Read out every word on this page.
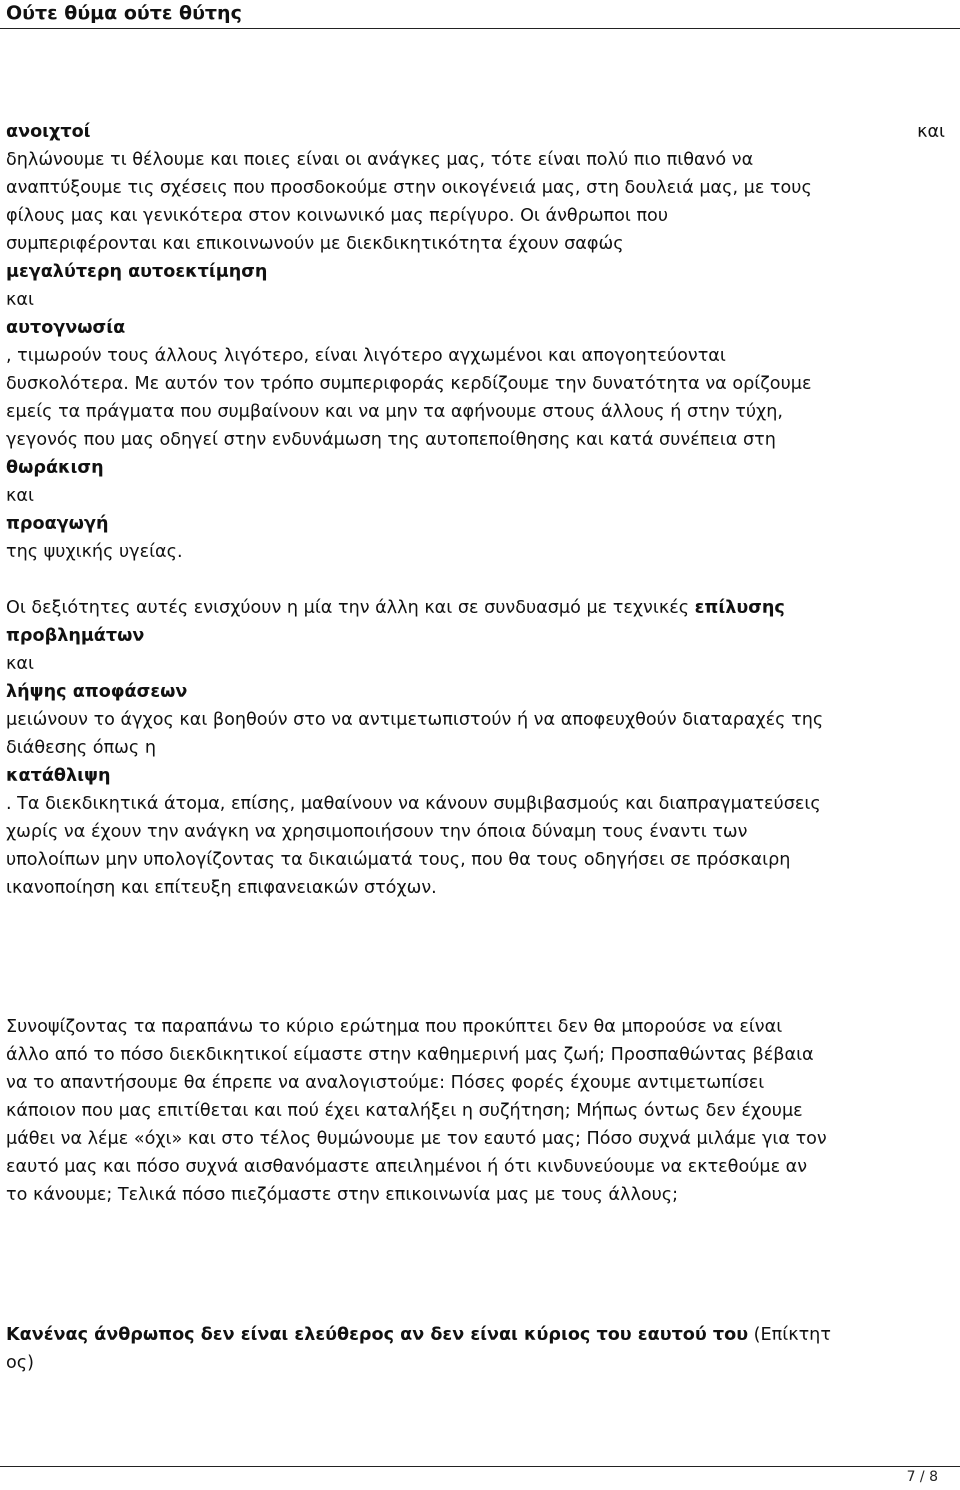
Ούτε θύμα ούτε θύτης
ανοιχτοί	και
δηλώνουμε τι θέλουμε και ποιες είναι οι ανάγκες μας, τότε είναι πολύ πιο πιθανό να
αναπτύξουμε τις σχέσεις που προσδοκούμε στην οικογένειά μας, στη δουλειά μας, με τους
φίλους μας και γενικότερα στον κοινωνικό μας περίγυρο. Οι άνθρωποι που
συμπεριφέρονται και επικοινωνούν με διεκδικητικότητα έχουν σαφώς
μεγαλύτερη αυτοεκτίμηση
και
αυτογνωσία
, τιμωρούν τους άλλους λιγότερο, είναι λιγότερο αγχωμένοι και απογοητεύονται
δυσκολότερα. Με αυτόν τον τρόπο συμπεριφοράς κερδίζουμε την δυνατότητα να ορίζουμε
εμείς τα πράγματα που συμβαίνουν και να μην τα αφήνουμε στους άλλους ή στην τύχη,
γεγονός που μας οδηγεί στην ενδυνάμωση της αυτοπεποίθησης και κατά συνέπεια στη
θωράκιση
και
προαγωγή
της ψυχικής υγείας.
Οι δεξιότητες αυτές ενισχύουν η μία την άλλη και σε συνδυασμό με τεχνικές επίλυσης
προβλημάτων
και
λήψης αποφάσεων
μειώνουν το άγχος και βοηθούν στο να αντιμετωπιστούν ή να αποφευχθούν διαταραχές της
διάθεσης όπως η
κατάθλιψη
. Τα διεκδικητικά άτομα, επίσης, μαθαίνουν να κάνουν συμβιβασμούς και διαπραγματεύσεις
χωρίς να έχουν την ανάγκη να χρησιμοποιήσουν την όποια δύναμη τους έναντι των
υπολοίπων μην υπολογίζοντας τα δικαιώματά τους, που θα τους οδηγήσει σε πρόσκαιρη
ικανοποίηση και επίτευξη επιφανειακών στόχων.
Συνοψίζοντας τα παραπάνω το κύριο ερώτημα που προκύπτει δεν θα μπορούσε να είναι
άλλο από το πόσο διεκδικητικοί είμαστε στην καθημερινή μας ζωή; Προσπαθώντας βέβαια
να το απαντήσουμε θα έπρεπε να αναλογιστούμε: Πόσες φορές έχουμε αντιμετωπίσει
κάποιον που μας επιτίθεται και πού έχει καταλήξει η συζήτηση; Μήπως όντως δεν έχουμε
μάθει να λέμε «όχι» και στο τέλος θυμώνουμε με τον εαυτό μας; Πόσο συχνά μιλάμε για τον
εαυτό μας και πόσο συχνά αισθανόμαστε απειλημένοι ή ότι κινδυνεύουμε να εκτεθούμε αν
το κάνουμε; Τελικά πόσο πιεζόμαστε στην επικοινωνία μας με τους άλλους;
Κανένας άνθρωπος δεν είναι ελεύθερος αν δεν είναι κύριος του εαυτού του (Επίκτητ
ος)
7 / 8
